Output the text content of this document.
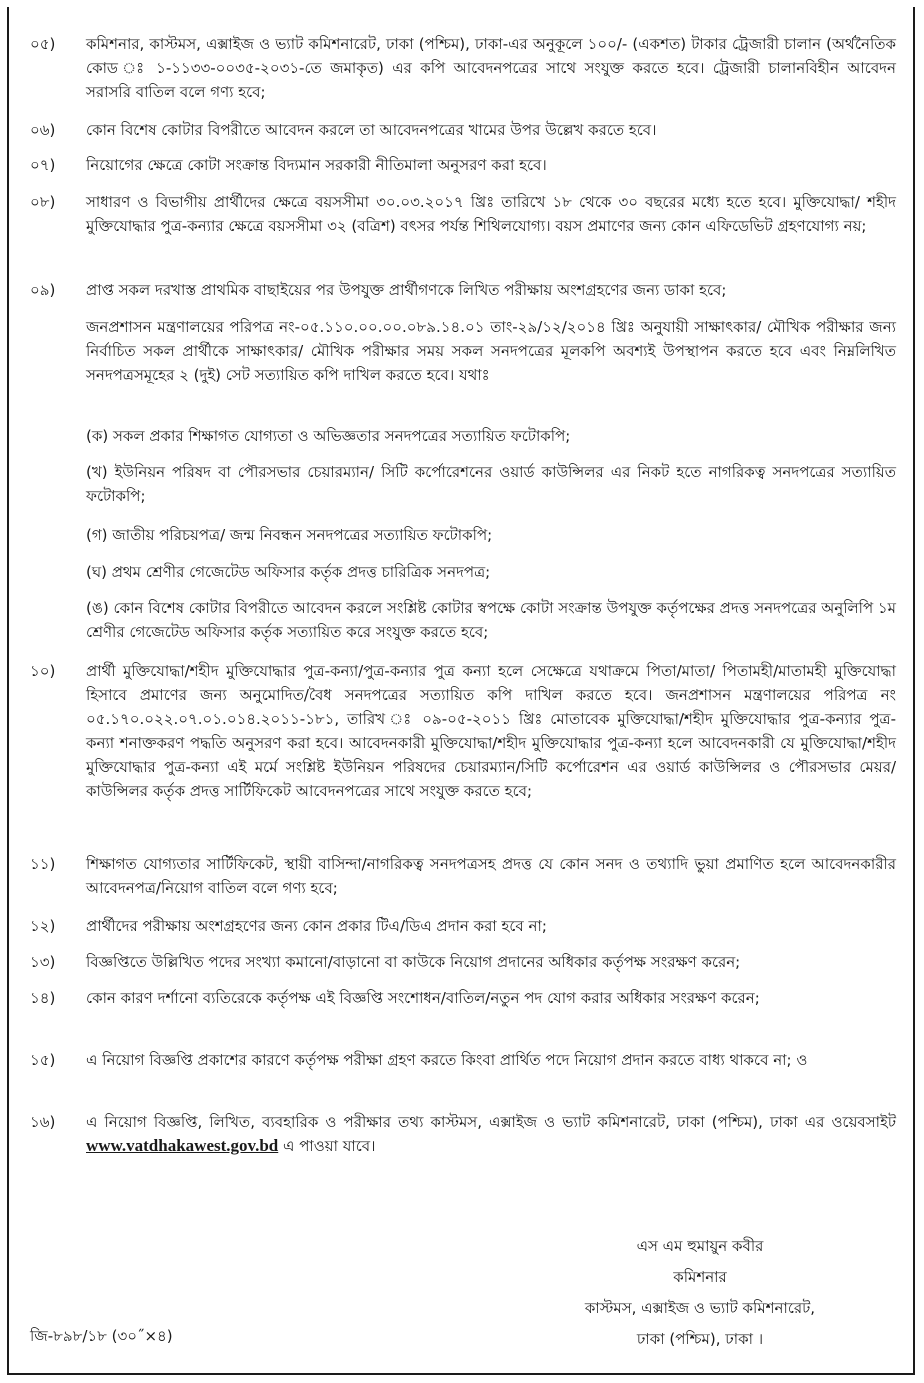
০৫)	কমিশনার, কাস্টমস, এক্সাইজ ও ভ্যাট কমিশনারেট, ঢাকা (পশ্চিম), ঢাকা-এর অনুকূলে ১০০/- (একশত) টাকার ট্রেজারী চালান (অর্থনৈতিক কোড ঃ ১-১১৩৩-০০৩৫-২০৩১-তে জমাকৃত) এর কপি আবেদনপত্রের সাথে সংযুক্ত করতে হবে। ট্রেজারী চালানবিহীন আবেদন সরাসরি বাতিল বলে গণ্য হবে;
০৬)	কোন বিশেষ কোটার বিপরীতে আবেদন করলে তা আবেদনপত্রের খামের উপর উল্লেখ করতে হবে।
০৭)	নিয়োগের ক্ষেত্রে কোটা সংক্রান্ত বিদ্যমান সরকারী নীতিমালা অনুসরণ করা হবে।
০৮)	সাধারণ ও বিভাগীয় প্রার্থীদের ক্ষেত্রে বয়সসীমা ৩০.০৩.২০১৭ খ্রিঃ তারিখে ১৮ থেকে ৩০ বছরের মধ্যে হতে হবে। মুক্তিযোদ্ধা/ শহীদ মুক্তিযোদ্ধার পুত্র-কন্যার ক্ষেত্রে বয়সসীমা ৩২ (বত্রিশ) বৎসর পর্যন্ত শিথিলযোগ্য। বয়স প্রমাণের জন্য কোন এফিডেভিট গ্রহণযোগ্য নয়;
০৯)	প্রাপ্ত সকল দরখাস্ত প্রাথমিক বাছাইয়ের পর উপযুক্ত প্রার্থীগণকে লিখিত পরীক্ষায় অংশগ্রহণের জন্য ডাকা হবে;
জনপ্রশাসন মন্ত্রণালয়ের পরিপত্র নং-০৫.১১০.০০.০০.০৮৯.১৪.০১ তাং-২৯/১২/২০১৪ খ্রিঃ অনুযায়ী সাক্ষাৎকার/ মৌখিক পরীক্ষার জন্য নির্বাচিত সকল প্রার্থীকে সাক্ষাৎকার/ মৌখিক পরীক্ষার সময় সকল সনদপত্রের মূলকপি অবশ্যই উপস্থাপন করতে হবে এবং নিম্নলিখিত সনদপত্রসমূহের ২ (দুই) সেট সত্যায়িত কপি দাখিল করতে হবে। যথাঃ
(ক) সকল প্রকার শিক্ষাগত যোগ্যতা ও অভিজ্ঞতার সনদপত্রের সত্যায়িত ফটোকপি;
(খ) ইউনিয়ন পরিষদ বা পৌরসভার চেয়ারম্যান/ সিটি কর্পোরেশনের ওয়ার্ড কাউন্সিলর এর নিকট হতে নাগরিকত্ব সনদপত্রের সত্যায়িত ফটোকপি;
(গ) জাতীয় পরিচয়পত্র/ জন্ম নিবন্ধন সনদপত্রের সত্যায়িত ফটোকপি;
(ঘ) প্রথম শ্রেণীর গেজেটেড অফিসার কর্তৃক প্রদত্ত চারিত্রিক সনদপত্র;
(ঙ) কোন বিশেষ কোটার বিপরীতে আবেদন করলে সংশ্লিষ্ট কোটার স্বপক্ষে কোটা সংক্রান্ত উপযুক্ত কর্তৃপক্ষের প্রদত্ত সনদপত্রের অনুলিপি ১ম শ্রেণীর গেজেটেড অফিসার কর্তৃক সত্যায়িত করে সংযুক্ত করতে হবে;
১০)	প্রার্থী মুক্তিযোদ্ধা/শহীদ মুক্তিযোদ্ধার পুত্র-কন্যা/পুত্র-কন্যার পুত্র কন্যা হলে সেক্ষেত্রে যথাক্রমে পিতা/মাতা/ পিতামহী/মাতামহী মুক্তিযোদ্ধা হিসাবে প্রমাণের জন্য অনুমোদিত/বৈধ সনদপত্রের সত্যায়িত কপি দাখিল করতে হবে। জনপ্রশাসন মন্ত্রণালয়ের পরিপত্র নং ০৫.১৭০.০২২.০৭.০১.০১৪.২০১১-১৮১, তারিখ ঃ ০৯-০৫-২০১১ খ্রিঃ মোতাবেক মুক্তিযোদ্ধা/শহীদ মুক্তিযোদ্ধার পুত্র-কন্যার পুত্র-কন্যা শনাক্তকরণ পদ্ধতি অনুসরণ করা হবে। আবেদনকারী মুক্তিযোদ্ধা/শহীদ মুক্তিযোদ্ধার পুত্র-কন্যা হলে আবেদনকারী যে মুক্তিযোদ্ধা/শহীদ মুক্তিযোদ্ধার পুত্র-কন্যা এই মর্মে সংশ্লিষ্ট ইউনিয়ন পরিষদের চেয়ারম্যান/সিটি কর্পোরেশন এর ওয়ার্ড কাউন্সিলর ও পৌরসভার মেয়র/কাউন্সিলর কর্তৃক প্রদত্ত সার্টিফিকেট আবেদনপত্রের সাথে সংযুক্ত করতে হবে;
১১)	শিক্ষাগত যোগ্যতার সার্টিফিকেট, স্থায়ী বাসিন্দা/নাগরিকত্ব সনদপত্রসহ প্রদত্ত যে কোন সনদ ও তথ্যাদি ভুয়া প্রমাণিত হলে আবেদনকারীর আবেদনপত্র/নিয়োগ বাতিল বলে গণ্য হবে;
১২)	প্রার্থীদের পরীক্ষায় অংশগ্রহণের জন্য কোন প্রকার টিএ/ডিএ প্রদান করা হবে না;
১৩)	বিজ্ঞপ্তিতে উল্লিখিত পদের সংখ্যা কমানো/বাড়ানো বা কাউকে নিয়োগ প্রদানের অধিকার কর্তৃপক্ষ সংরক্ষণ করেন;
১৪)	কোন কারণ দর্শানো ব্যতিরেকে কর্তৃপক্ষ এই বিজ্ঞপ্তি সংশোধন/বাতিল/নতুন পদ যোগ করার অধিকার সংরক্ষণ করেন;
১৫)	এ নিয়োগ বিজ্ঞপ্তি প্রকাশের কারণে কর্তৃপক্ষ পরীক্ষা গ্রহণ করতে কিংবা প্রার্থিত পদে নিয়োগ প্রদান করতে বাধ্য থাকবে না; ও
১৬)	এ নিয়োগ বিজ্ঞপ্তি, লিখিত, ব্যবহারিক ও পরীক্ষার তথ্য কাস্টমস, এক্সাইজ ও ভ্যাট কমিশনারেট, ঢাকা (পশ্চিম), ঢাকা এর ওয়েবসাইট www.vatdhakawest.gov.bd এ পাওয়া যাবে।
এস এম হুমায়ুন কবীর
কমিশনার
কাস্টমস, এক্সাইজ ও ভ্যাট কমিশনারেট,
ঢাকা (পশ্চিম), ঢাকা ।
জি-৮৯৮/১৮ (৩০˝×৪)
